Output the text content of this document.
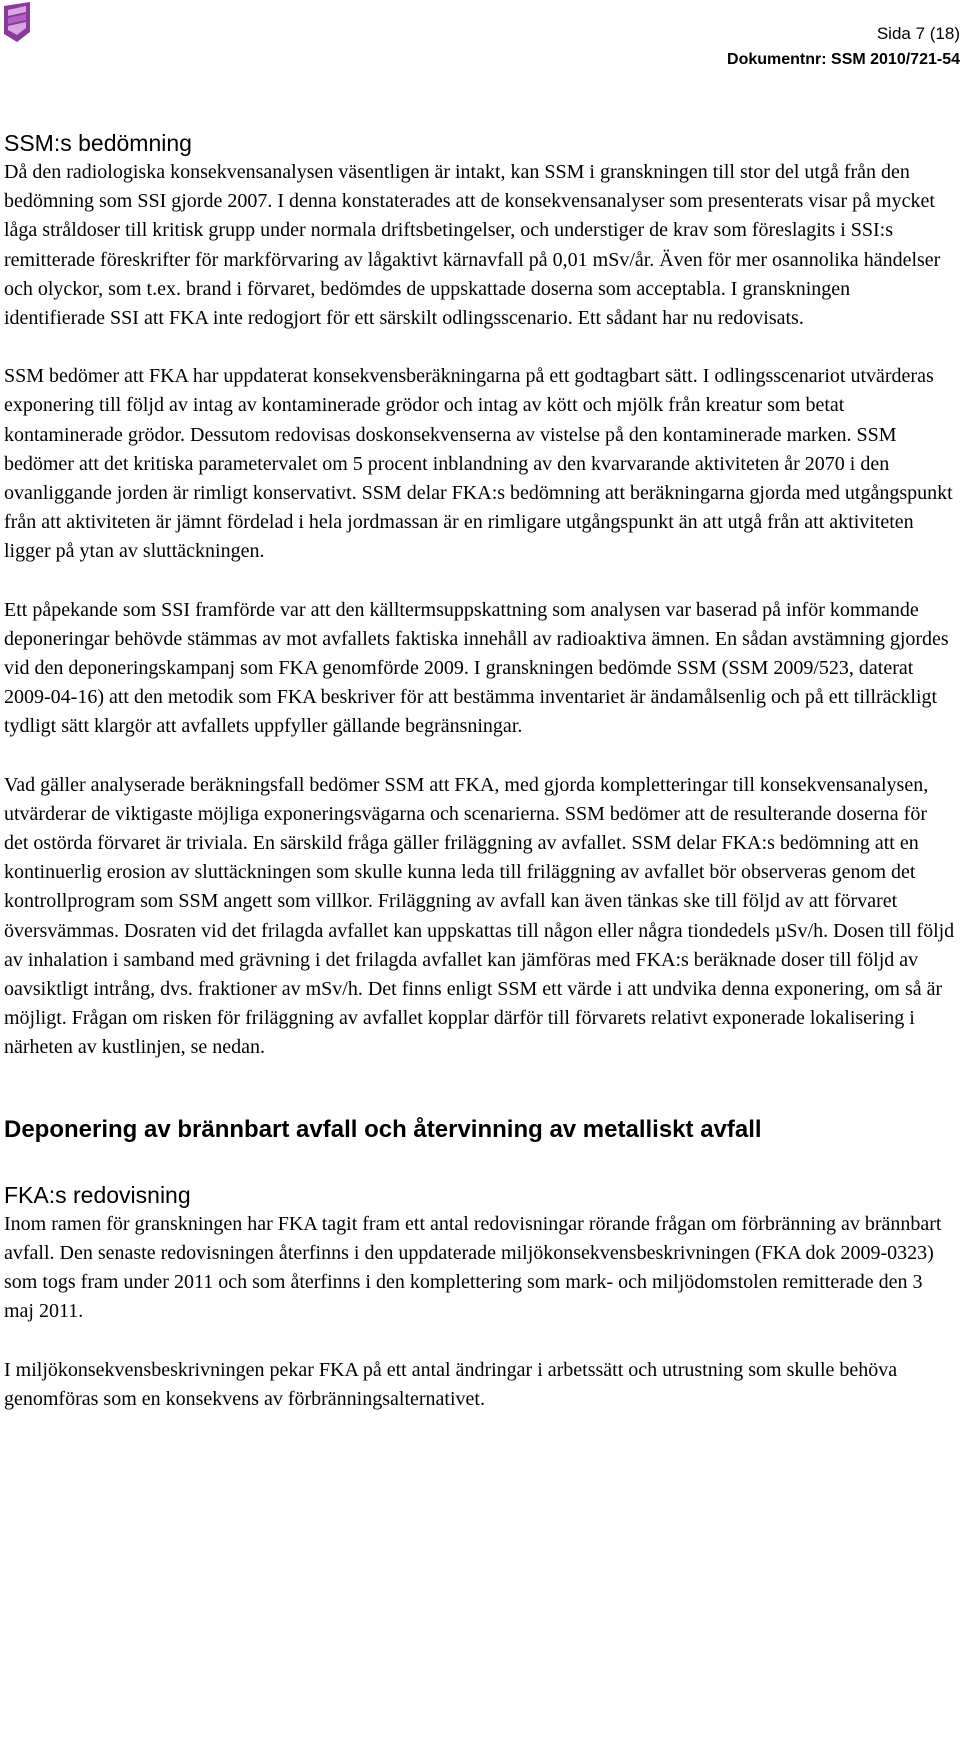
Sida 7 (18)
Dokumentnr: SSM 2010/721-54
SSM:s bedömning

Då den radiologiska konsekvensanalysen väsentligen är intakt, kan SSM i granskningen till stor del utgå från den bedömning som SSI gjorde 2007. I denna konstaterades att de konsekvensanalyser som presenterats visar på mycket låga stråldoser till kritisk grupp under normala driftsbetingelser, och understiger de krav som föreslagits i SSI:s remitterade föreskrifter för markförvaring av lågaktivt kärnavfall på 0,01 mSv/år. Även för mer osannolika händelser och olyckor, som t.ex. brand i förvaret, bedömdes de uppskattade doserna som acceptabla. I granskningen identifierade SSI att FKA inte redogjort för ett särskilt odlingsscenario. Ett sådant har nu redovisats.

SSM bedömer att FKA har uppdaterat konsekvensberäkningarna på ett godtagbart sätt. I odlingsscenariot utvärderas exponering till följd av intag av kontaminerade grödor och intag av kött och mjölk från kreatur som betat kontaminerade grödor. Dessutom redovisas doskonsekvenserna av vistelse på den kontaminerade marken. SSM bedömer att det kritiska parametervalet om 5 procent inblandning av den kvarvarande aktiviteten år 2070 i den ovanliggande jorden är rimligt konservativt. SSM delar FKA:s bedömning att beräkningarna gjorda med utgångspunkt från att aktiviteten är jämnt fördelad i hela jordmassan är en rimligare utgångspunkt än att utgå från att aktiviteten ligger på ytan av sluttäckningen.

Ett påpekande som SSI framförde var att den källtermsuppskattning som analysen var baserad på inför kommande deponeringar behövde stämmas av mot avfallets faktiska innehåll av radioaktiva ämnen. En sådan avstämning gjordes vid den deponeringskampanj som FKA genomförde 2009. I granskningen bedömde SSM (SSM 2009/523, daterat 2009-04-16) att den metodik som FKA beskriver för att bestämma inventariet är ändamålsenlig och på ett tillräckligt tydligt sätt klargör att avfallets uppfyller gällande begränsningar.

Vad gäller analyserade beräkningsfall bedömer SSM att FKA, med gjorda kompletteringar till konsekvensanalysen, utvärderar de viktigaste möjliga exponeringsvägarna och scenarierna. SSM bedömer att de resulterande doserna för det ostörda förvaret är triviala. En särskild fråga gäller friläggning av avfallet. SSM delar FKA:s bedömning att en kontinuerlig erosion av sluttäckningen som skulle kunna leda till friläggning av avfallet bör observeras genom det kontrollprogram som SSM angett som villkor. Friläggning av avfall kan även tänkas ske till följd av att förvaret översvämmas. Dosraten vid det frilagda avfallet kan uppskattas till någon eller några tiondedels µSv/h. Dosen till följd av inhalation i samband med grävning i det frilagda avfallet kan jämföras med FKA:s beräknade doser till följd av oavsiktligt intrång, dvs. fraktioner av mSv/h. Det finns enligt SSM ett värde i att undvika denna exponering, om så är möjligt. Frågan om risken för friläggning av avfallet kopplar därför till förvarets relativt exponerade lokalisering i närheten av kustlinjen, se nedan.

Deponering av brännbart avfall och återvinning av metalliskt avfall
FKA:s redovisning

Inom ramen för granskningen har FKA tagit fram ett antal redovisningar rörande frågan om förbränning av brännbart avfall. Den senaste redovisningen återfinns i den uppdaterade miljökonsekvensbeskrivningen (FKA dok 2009-0323) som togs fram under 2011 och som återfinns i den komplettering som mark- och miljödomstolen remitterade den 3 maj 2011.

I miljökonsekvensbeskrivningen pekar FKA på ett antal ändringar i arbetssätt och utrustning som skulle behöva genomföras som en konsekvens av förbränningsalternativet.
